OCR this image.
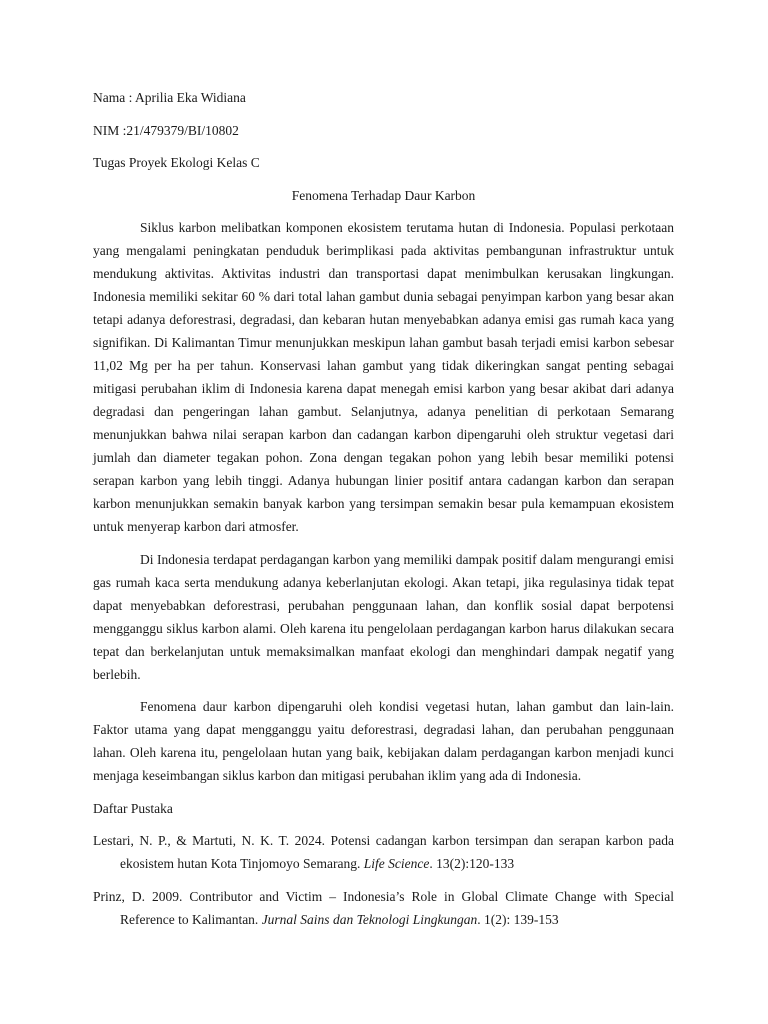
Nama : Aprilia Eka Widiana
NIM :21/479379/BI/10802
Tugas Proyek Ekologi Kelas C
Fenomena Terhadap Daur Karbon

Siklus karbon melibatkan komponen ekosistem terutama hutan di Indonesia. Populasi perkotaan yang mengalami peningkatan penduduk berimplikasi pada aktivitas pembangunan infrastruktur untuk mendukung aktivitas. Aktivitas industri dan transportasi dapat menimbulkan kerusakan lingkungan. Indonesia memiliki sekitar 60 % dari total lahan gambut dunia sebagai penyimpan karbon yang besar akan tetapi adanya deforestrasi, degradasi, dan kebaran hutan menyebabkan adanya emisi gas rumah kaca yang signifikan. Di Kalimantan Timur menunjukkan meskipun lahan gambut basah terjadi emisi karbon sebesar 11,02 Mg per ha per tahun. Konservasi lahan gambut yang tidak dikeringkan sangat penting sebagai mitigasi perubahan iklim di Indonesia karena dapat menegah emisi karbon yang besar akibat dari adanya degradasi dan pengeringan lahan gambut. Selanjutnya, adanya penelitian di perkotaan Semarang menunjukkan bahwa nilai serapan karbon dan cadangan karbon dipengaruhi oleh struktur vegetasi dari jumlah dan diameter tegakan pohon. Zona dengan tegakan pohon yang lebih besar memiliki potensi serapan karbon yang lebih tinggi. Adanya hubungan linier positif antara cadangan karbon dan serapan karbon menunjukkan semakin banyak karbon yang tersimpan semakin besar pula kemampuan ekosistem untuk menyerap karbon dari atmosfer.

Di Indonesia terdapat perdagangan karbon yang memiliki dampak positif dalam mengurangi emisi gas rumah kaca serta mendukung adanya keberlanjutan ekologi. Akan tetapi, jika regulasinya tidak tepat dapat menyebabkan deforestrasi, perubahan penggunaan lahan, dan konflik sosial dapat berpotensi mengganggu siklus karbon alami. Oleh karena itu pengelolaan perdagangan karbon harus dilakukan secara tepat dan berkelanjutan untuk memaksimalkan manfaat ekologi dan menghindari dampak negatif yang berlebih.

Fenomena daur karbon dipengaruhi oleh kondisi vegetasi hutan, lahan gambut dan lain-lain. Faktor utama yang dapat mengganggu yaitu deforestrasi, degradasi lahan, dan perubahan penggunaan lahan. Oleh karena itu, pengelolaan hutan yang baik, kebijakan dalam perdagangan karbon menjadi kunci menjaga keseimbangan siklus karbon dan mitigasi perubahan iklim yang ada di Indonesia.

Daftar Pustaka
Lestari, N. P., & Martuti, N. K. T. 2024. Potensi cadangan karbon tersimpan dan serapan karbon pada ekosistem hutan Kota Tinjomoyo Semarang. Life Science. 13(2):120-133
Prinz, D. 2009. Contributor and Victim – Indonesia’s Role in Global Climate Change with Special Reference to Kalimantan. Jurnal Sains dan Teknologi Lingkungan. 1(2): 139-153
